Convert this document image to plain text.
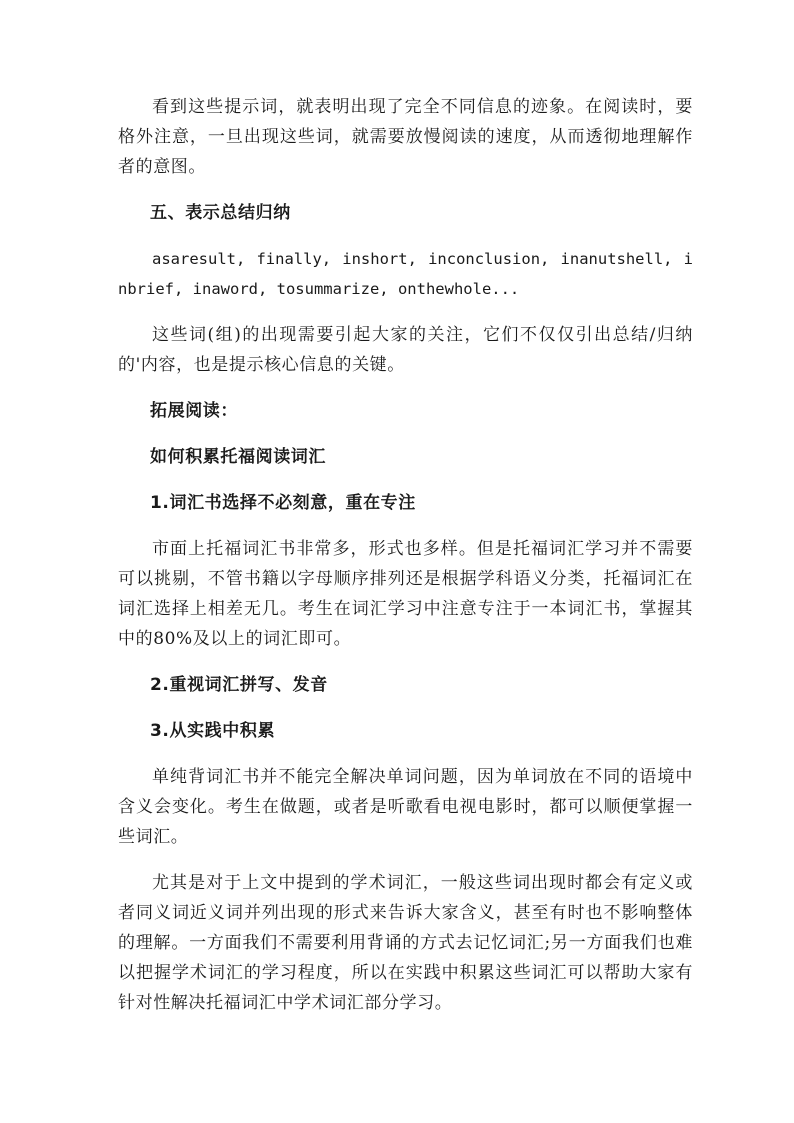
看到这些提示词，就表明出现了完全不同信息的迹象。在阅读时，要格外注意，一旦出现这些词，就需要放慢阅读的速度，从而透彻地理解作者的意图。

五、表示总结归纳

asaresult, finally, inshort, inconclusion, inanutshell, inbrief, inaword, tosummarize, onthewhole...

这些词(组)的出现需要引起大家的关注，它们不仅仅引出总结/归纳的'内容，也是提示核心信息的关键。

拓展阅读：

如何积累托福阅读词汇

1.词汇书选择不必刻意，重在专注

市面上托福词汇书非常多，形式也多样。但是托福词汇学习并不需要可以挑剔，不管书籍以字母顺序排列还是根据学科语义分类，托福词汇在词汇选择上相差无几。考生在词汇学习中注意专注于一本词汇书，掌握其中的80%及以上的词汇即可。

2.重视词汇拼写、发音

3.从实践中积累

单纯背词汇书并不能完全解决单词问题，因为单词放在不同的语境中含义会变化。考生在做题，或者是听歌看电视电影时，都可以顺便掌握一些词汇。

尤其是对于上文中提到的学术词汇，一般这些词出现时都会有定义或者同义词近义词并列出现的形式来告诉大家含义，甚至有时也不影响整体的理解。一方面我们不需要利用背诵的方式去记忆词汇;另一方面我们也难以把握学术词汇的学习程度，所以在实践中积累这些词汇可以帮助大家有针对性解决托福词汇中学术词汇部分学习。
